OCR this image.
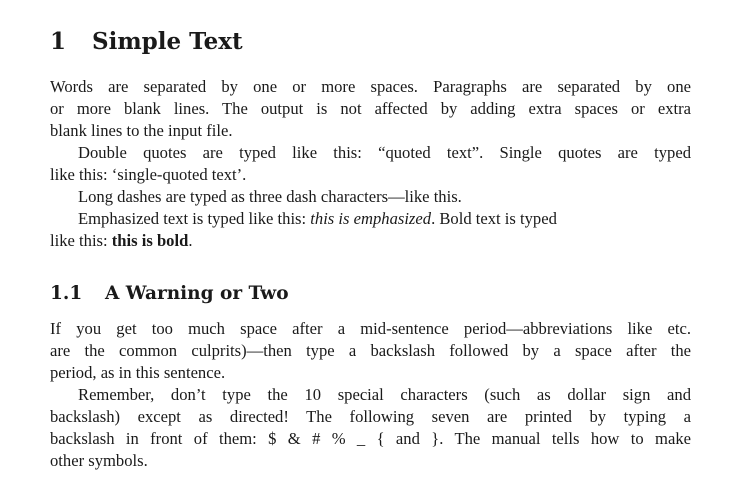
1 Simple Text
Words are separated by one or more spaces. Paragraphs are separated by one
or more blank lines. The output is not affected by adding extra spaces or extra
blank lines to the input file.
Double quotes are typed like this: “quoted text”. Single quotes are typed
like this: ‘single-quoted text’.
Long dashes are typed as three dash characters—like this.
Emphasized text is typed like this: this is emphasized. Bold text is typed
like this: this is bold.
1.1 A Warning or Two
If you get too much space after a mid-sentence period—abbreviations like etc.
are the common culprits)—then type a backslash followed by a space after the
period, as in this sentence.
Remember, don’t type the 10 special characters (such as dollar sign and
backslash) except as directed! The following seven are printed by typing a
backslash in front of them: $ & # % _ { and }. The manual tells how to make
other symbols.
